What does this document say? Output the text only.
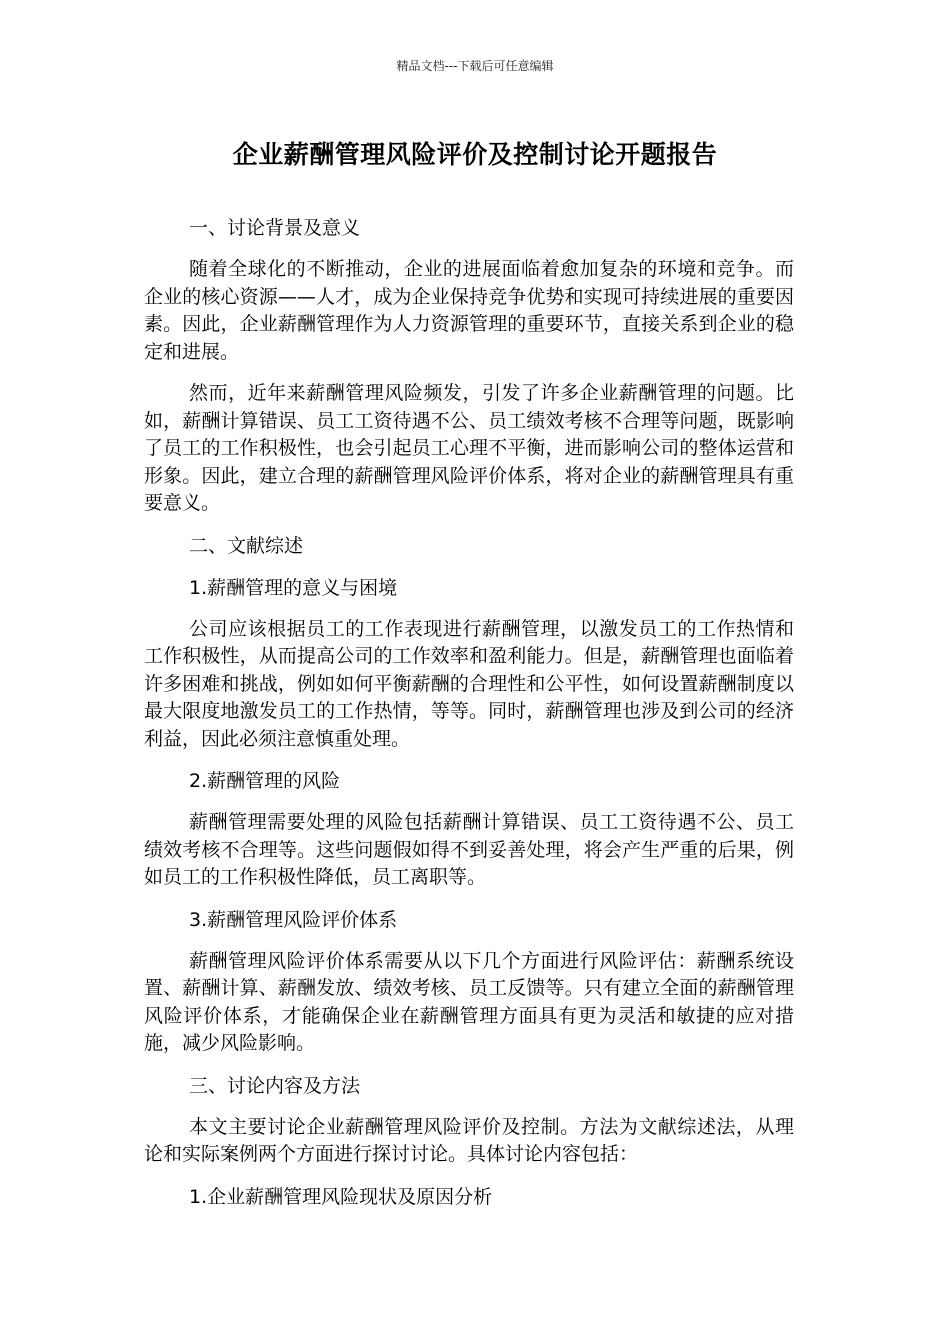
精品文档---下载后可任意编辑
企业薪酬管理风险评价及控制讨论开题报告
一、讨论背景及意义
随着全球化的不断推动，企业的进展面临着愈加复杂的环境和竞争。而企业的核心资源——人才，成为企业保持竞争优势和实现可持续进展的重要因素。因此，企业薪酬管理作为人力资源管理的重要环节，直接关系到企业的稳定和进展。
然而，近年来薪酬管理风险频发，引发了许多企业薪酬管理的问题。比如，薪酬计算错误、员工工资待遇不公、员工绩效考核不合理等问题，既影响了员工的工作积极性，也会引起员工心理不平衡，进而影响公司的整体运营和形象。因此，建立合理的薪酬管理风险评价体系，将对企业的薪酬管理具有重要意义。
二、文献综述
1.薪酬管理的意义与困境
公司应该根据员工的工作表现进行薪酬管理，以激发员工的工作热情和工作积极性，从而提高公司的工作效率和盈利能力。但是，薪酬管理也面临着许多困难和挑战，例如如何平衡薪酬的合理性和公平性，如何设置薪酬制度以最大限度地激发员工的工作热情，等等。同时，薪酬管理也涉及到公司的经济利益，因此必须注意慎重处理。
2.薪酬管理的风险
薪酬管理需要处理的风险包括薪酬计算错误、员工工资待遇不公、员工绩效考核不合理等。这些问题假如得不到妥善处理，将会产生严重的后果，例如员工的工作积极性降低，员工离职等。
3.薪酬管理风险评价体系
薪酬管理风险评价体系需要从以下几个方面进行风险评估：薪酬系统设置、薪酬计算、薪酬发放、绩效考核、员工反馈等。只有建立全面的薪酬管理风险评价体系，才能确保企业在薪酬管理方面具有更为灵活和敏捷的应对措施，减少风险影响。
三、讨论内容及方法
本文主要讨论企业薪酬管理风险评价及控制。方法为文献综述法，从理论和实际案例两个方面进行探讨讨论。具体讨论内容包括：
1.企业薪酬管理风险现状及原因分析
